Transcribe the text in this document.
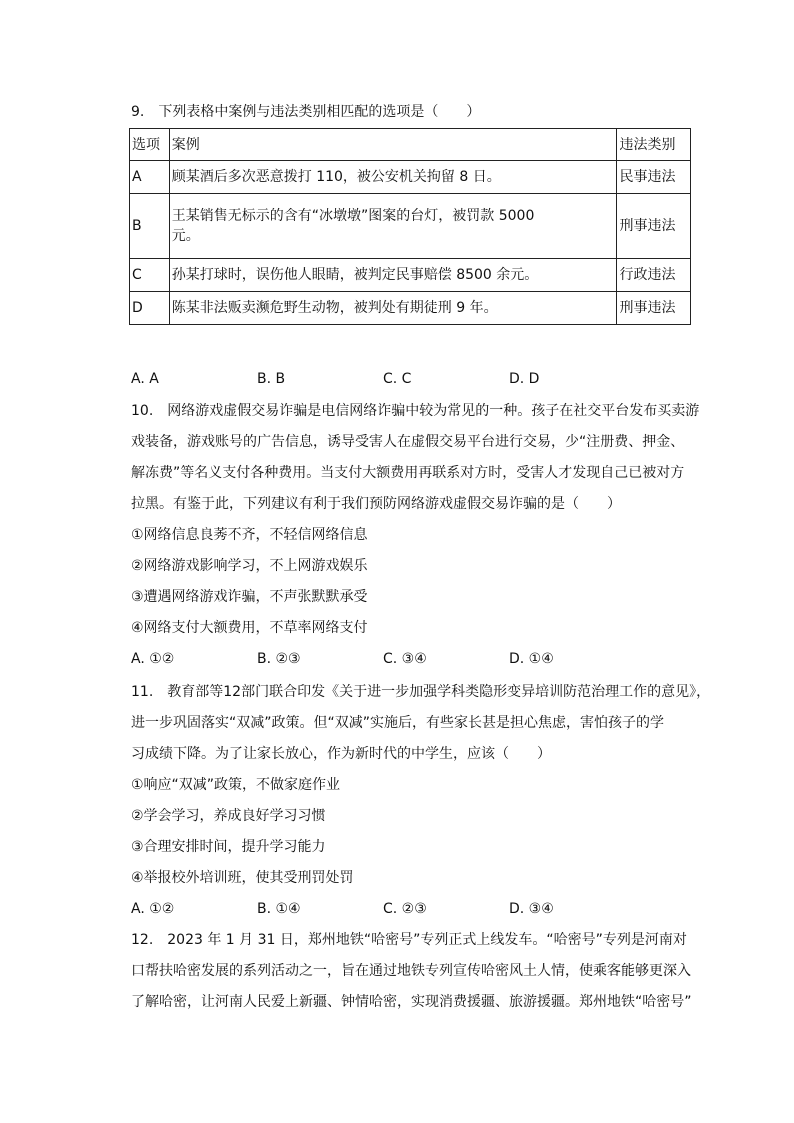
9.　下列表格中案例与违法类别相匹配的选项是（　　）
选项	案例	违法类别
A	顾某酒后多次恶意拨打 110，被公安机关拘留 8 日。	民事违法
B	王某销售无标示的含有“冰墩墩”图案的台灯，被罚款 5000
元。	刑事违法
C	孙某打球时，误伤他人眼睛，被判定民事赔偿 8500 余元。	行政违法
D	陈某非法贩卖濒危野生动物，被判处有期徒刑 9 年。	刑事违法
A. A	B. B	C. C	D. D
10.　网络游戏虚假交易诈骗是电信网络诈骗中较为常见的一种。孩子在社交平台发布买卖游
戏装备，游戏账号的广告信息，诱导受害人在虚假交易平台进行交易，少“注册费、押金、
解冻费”等名义支付各种费用。当支付大额费用再联系对方时，受害人才发现自己已被对方
拉黑。有鉴于此，下列建议有利于我们预防网络游戏虚假交易诈骗的是（　　）
①网络信息良莠不齐，不轻信网络信息
②网络游戏影响学习，不上网游戏娱乐
③遭遇网络游戏诈骗，不声张默默承受
④网络支付大额费用，不草率网络支付
A. ①②	B. ②③	C. ③④	D. ①④
11.　教育部等12部门联合印发《关于进一步加强学科类隐形变异培训防范治理工作的意见》，
进一步巩固落实“双减”政策。但“双减”实施后，有些家长甚是担心焦虑，害怕孩子的学
习成绩下降。为了让家长放心，作为新时代的中学生，应该（　　）
①响应“双减”政策，不做家庭作业
②学会学习，养成良好学习习惯
③合理安排时间，提升学习能力
④举报校外培训班，使其受刑罚处罚
A. ①②	B. ①④	C. ②③	D. ③④
12.　2023 年 1 月 31 日，郑州地铁“哈密号”专列正式上线发车。“哈密号”专列是河南对
口帮扶哈密发展的系列活动之一，旨在通过地铁专列宣传哈密风土人情，使乘客能够更深入
了解哈密，让河南人民爱上新疆、钟情哈密，实现消费援疆、旅游援疆。郑州地铁“哈密号”
